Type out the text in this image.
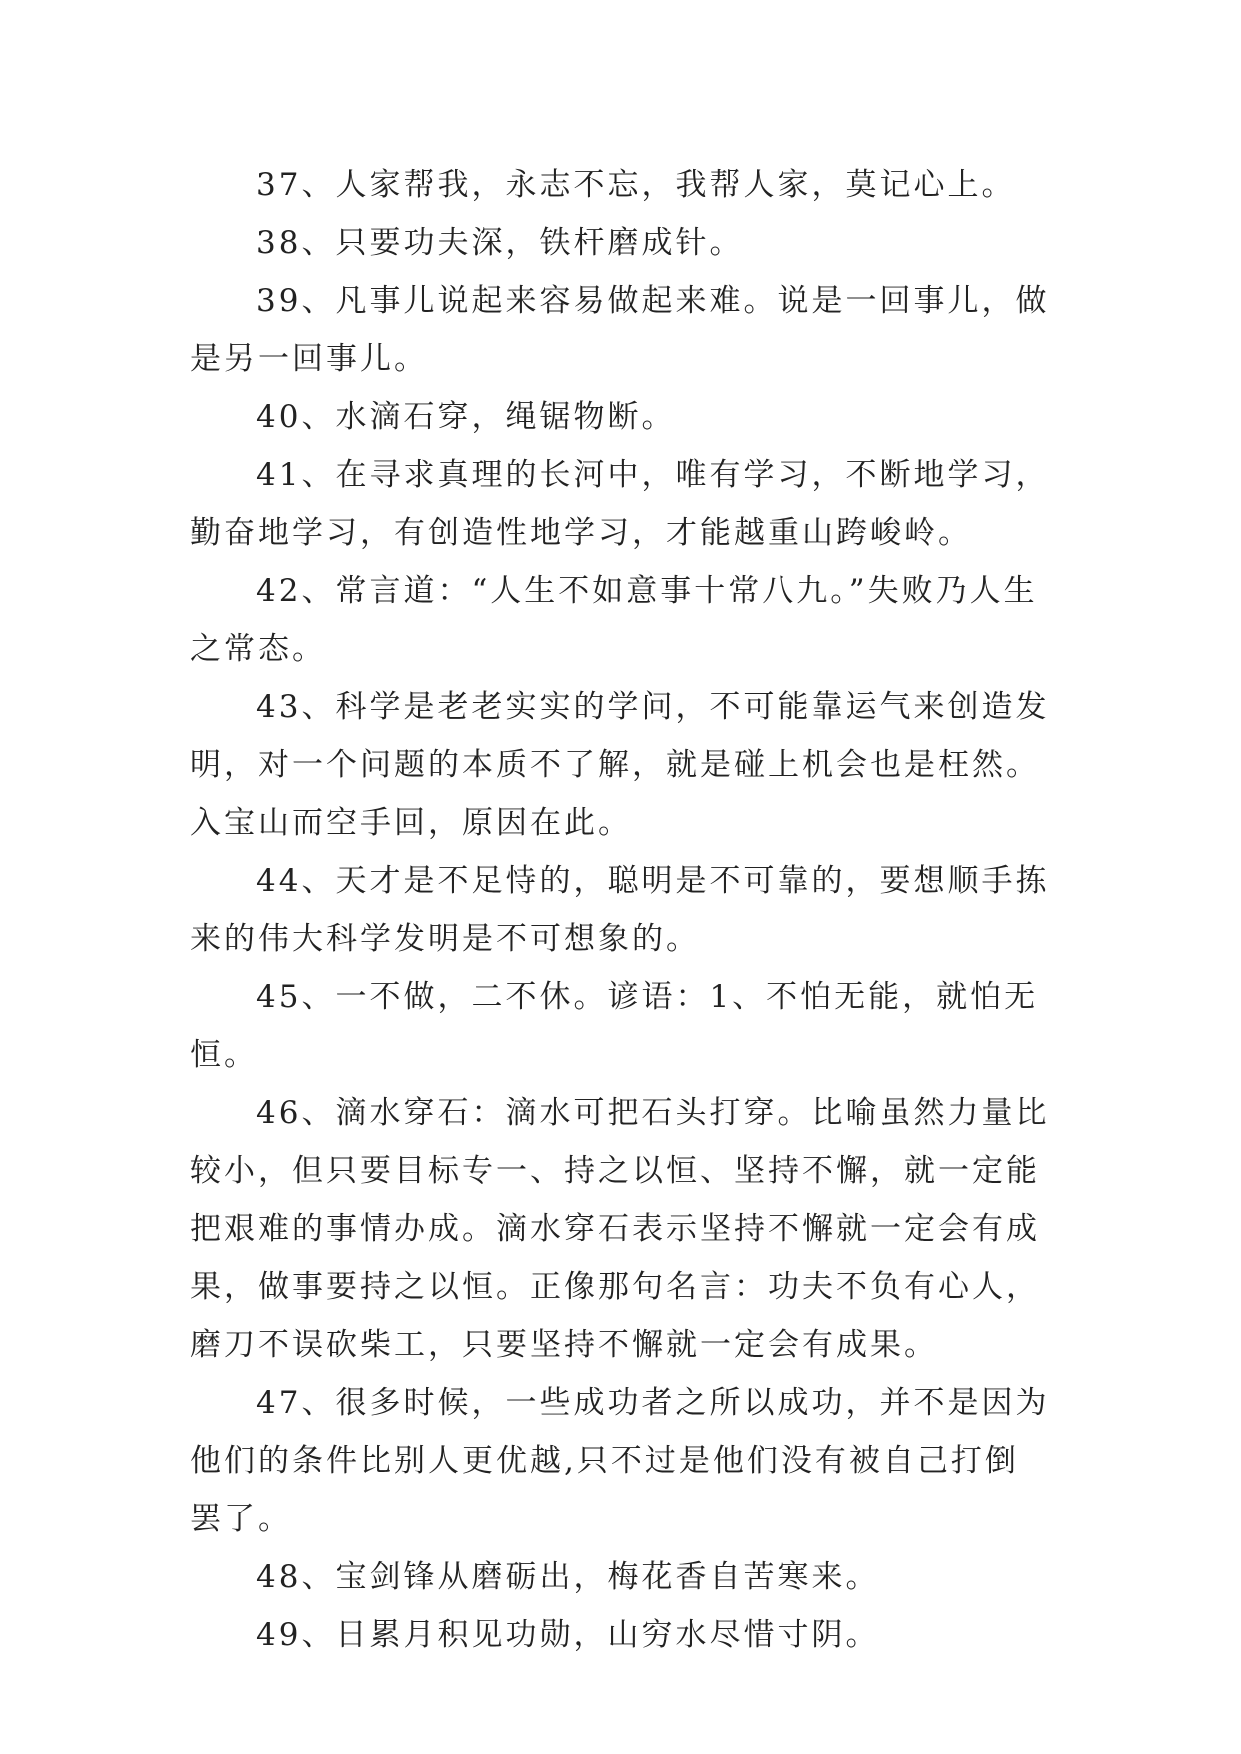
37、人家帮我，永志不忘，我帮人家，莫记心上。

38、只要功夫深，铁杆磨成针。

39、凡事儿说起来容易做起来难。说是一回事儿，做是另一回事儿。

40、水滴石穿，绳锯物断。

41、在寻求真理的长河中，唯有学习，不断地学习，勤奋地学习，有创造性地学习，才能越重山跨峻岭。

42、常言道：“人生不如意事十常八九。”失败乃人生之常态。

43、科学是老老实实的学问，不可能靠运气来创造发明，对一个问题的本质不了解，就是碰上机会也是枉然。入宝山而空手回，原因在此。

44、天才是不足恃的，聪明是不可靠的，要想顺手拣来的伟大科学发明是不可想象的。

45、一不做，二不休。谚语：1、不怕无能，就怕无恒。

46、滴水穿石：滴水可把石头打穿。比喻虽然力量比较小，但只要目标专一、持之以恒、坚持不懈，就一定能把艰难的事情办成。滴水穿石表示坚持不懈就一定会有成果，做事要持之以恒。正像那句名言：功夫不负有心人，磨刀不误砍柴工，只要坚持不懈就一定会有成果。

47、很多时候，一些成功者之所以成功，并不是因为他们的条件比别人更优越,只不过是他们没有被自己打倒罢了。

48、宝剑锋从磨砺出，梅花香自苦寒来。

49、日累月积见功勋，山穷水尽惜寸阴。
